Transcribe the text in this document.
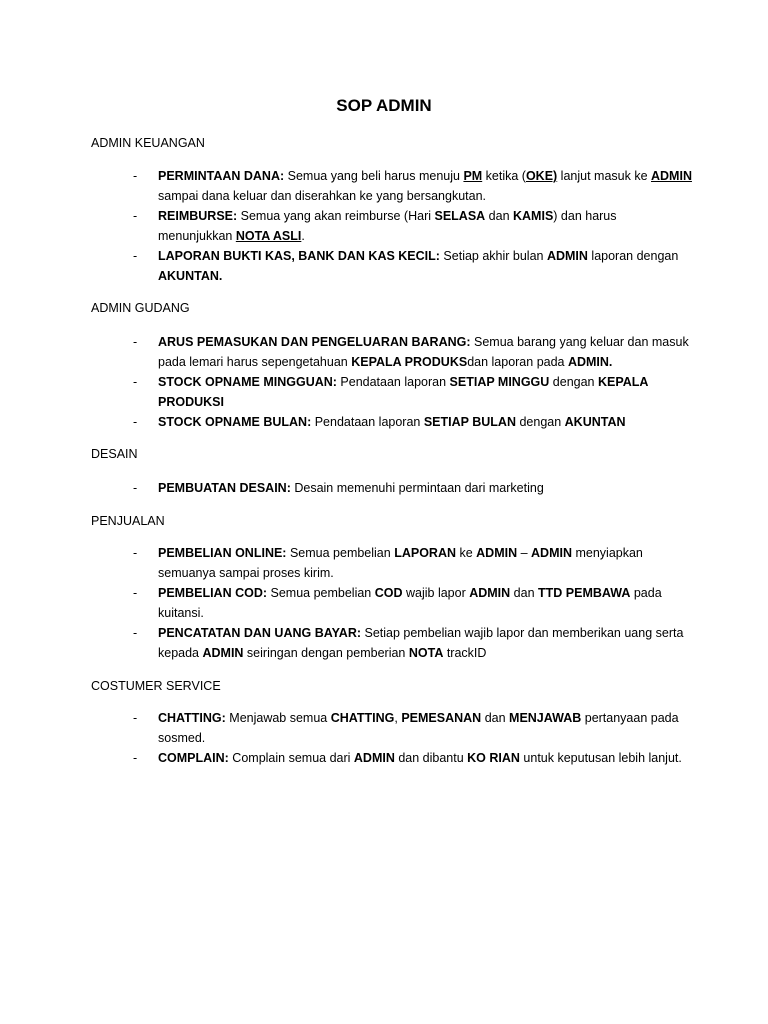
SOP ADMIN
ADMIN KEUANGAN
- PERMINTAAN DANA: Semua yang beli harus menuju PM ketika (OKE) lanjut masuk ke ADMIN sampai dana keluar dan diserahkan ke yang bersangkutan.
- REIMBURSE: Semua yang akan reimburse (Hari SELASA dan KAMIS) dan harus menunjukkan NOTA ASLI.
- LAPORAN BUKTI KAS, BANK DAN KAS KECIL: Setiap akhir bulan ADMIN laporan dengan AKUNTAN.
ADMIN GUDANG
- ARUS PEMASUKAN DAN PENGELUARAN BARANG: Semua barang yang keluar dan masuk pada lemari harus sepengetahuan KEPALA PRODUKSdan laporan pada ADMIN.
- STOCK OPNAME MINGGUAN: Pendataan laporan SETIAP MINGGU dengan KEPALA PRODUKSI
- STOCK OPNAME BULAN: Pendataan laporan SETIAP BULAN dengan AKUNTAN
DESAIN
- PEMBUATAN DESAIN: Desain memenuhi permintaan dari marketing
PENJUALAN
- PEMBELIAN ONLINE: Semua pembelian LAPORAN ke ADMIN – ADMIN menyiapkan semuanya sampai proses kirim.
- PEMBELIAN COD: Semua pembelian COD wajib lapor ADMIN dan TTD PEMBAWA pada kuitansi.
- PENCATATAN DAN UANG BAYAR: Setiap pembelian wajib lapor dan memberikan uang serta kepada ADMIN seiringan dengan pemberian NOTA trackID
COSTUMER SERVICE
- CHATTING: Menjawab semua CHATTING, PEMESANAN dan MENJAWAB pertanyaan pada sosmed.
- COMPLAIN: Complain semua dari ADMIN dan dibantu KO RIAN untuk keputusan lebih lanjut.
